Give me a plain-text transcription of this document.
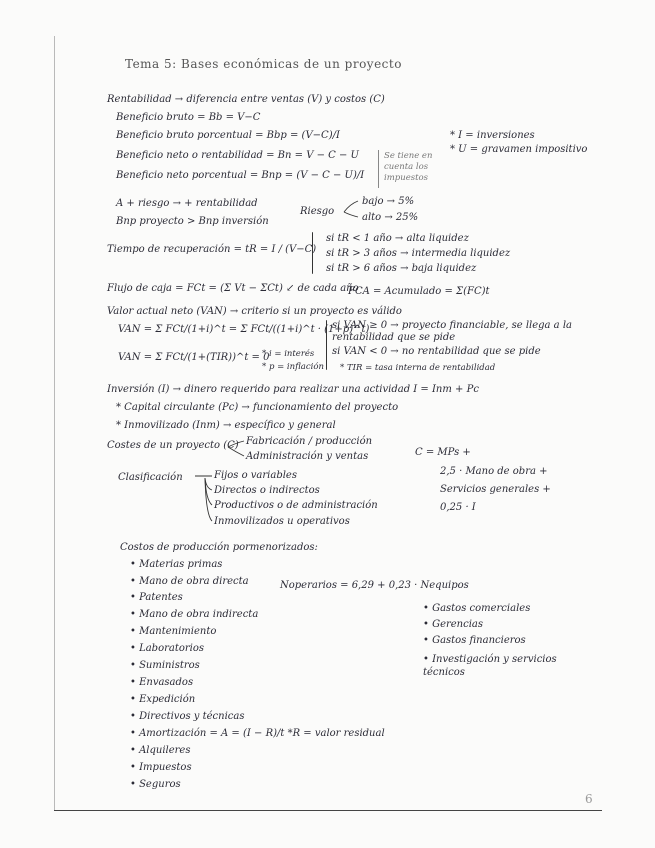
Tema 5: Bases económicas de un proyecto
Rentabilidad → diferencia entre ventas (V) y costos (C)
Beneficio bruto = Bb = V−C
Beneficio bruto porcentual = Bbp = (V−C)/I
Beneficio neto o rentabilidad = Bn = V − C − U
Beneficio neto porcentual = Bnp = (V − C − U)/I
Se tiene en cuenta los impuestos
* I = inversiones
* U = gravamen impositivo
A + riesgo → + rentabilidad
Bnp proyecto > Bnp inversión
Riesgo
bajo → 5%
alto → 25%
Tiempo de recuperación = tR = I / (V−C)
si tR < 1 año → alta liquidez
si tR > 3 años → intermedia liquidez
si tR > 6 años → baja liquidez
Flujo de caja = FCt = (Σ Vt − ΣCt) ↙ de cada año
FCA = Acumulado = Σ(FC)t
Valor actual neto (VAN) → criterio si un proyecto es válido
VAN = Σ FCt/(1+i)^t = Σ FCt/((1+i)^t · (1+p)^t)
si VAN ≥ 0 → proyecto financiable, se llega a la rentabilidad que se pide
si VAN < 0 → no rentabilidad que se pide
VAN = Σ FCt/(1+(TIR))^t = 0
* i = interés
* p = inflación * TIR = tasa interna de rentabilidad
Inversión (I) → dinero requerido para realizar una actividad I = Inm + Pc
* Capital circulante (Pc) → funcionamiento del proyecto
* Inmovilizado (Inm) → específico y general
Costes de un proyecto (C) Fabricación / producción
Administración y ventas	C = MPs +
2,5 · Mano de obra +
Servicios generales +
0,25 · I
Clasificación	Fijos o variables
Directos o indirectos
Productivos o de administración
Inmovilizados u operativos
Costos de producción pormenorizados:
• Materias primas
• Mano de obra directa	Noperarios = 6,29 + 0,23 · Nequipos
• Patentes
• Mano de obra indirecta
• Mantenimiento
• Laboratorios
• Suministros
• Envasados
• Expedición
• Directivos y técnicas
• Amortización = A = (I − R)/t *R = valor residual
• Alquileres
• Impuestos
• Seguros
• Gastos comerciales
• Gerencias
• Gastos financieros
• Investigación y servicios técnicos
6
